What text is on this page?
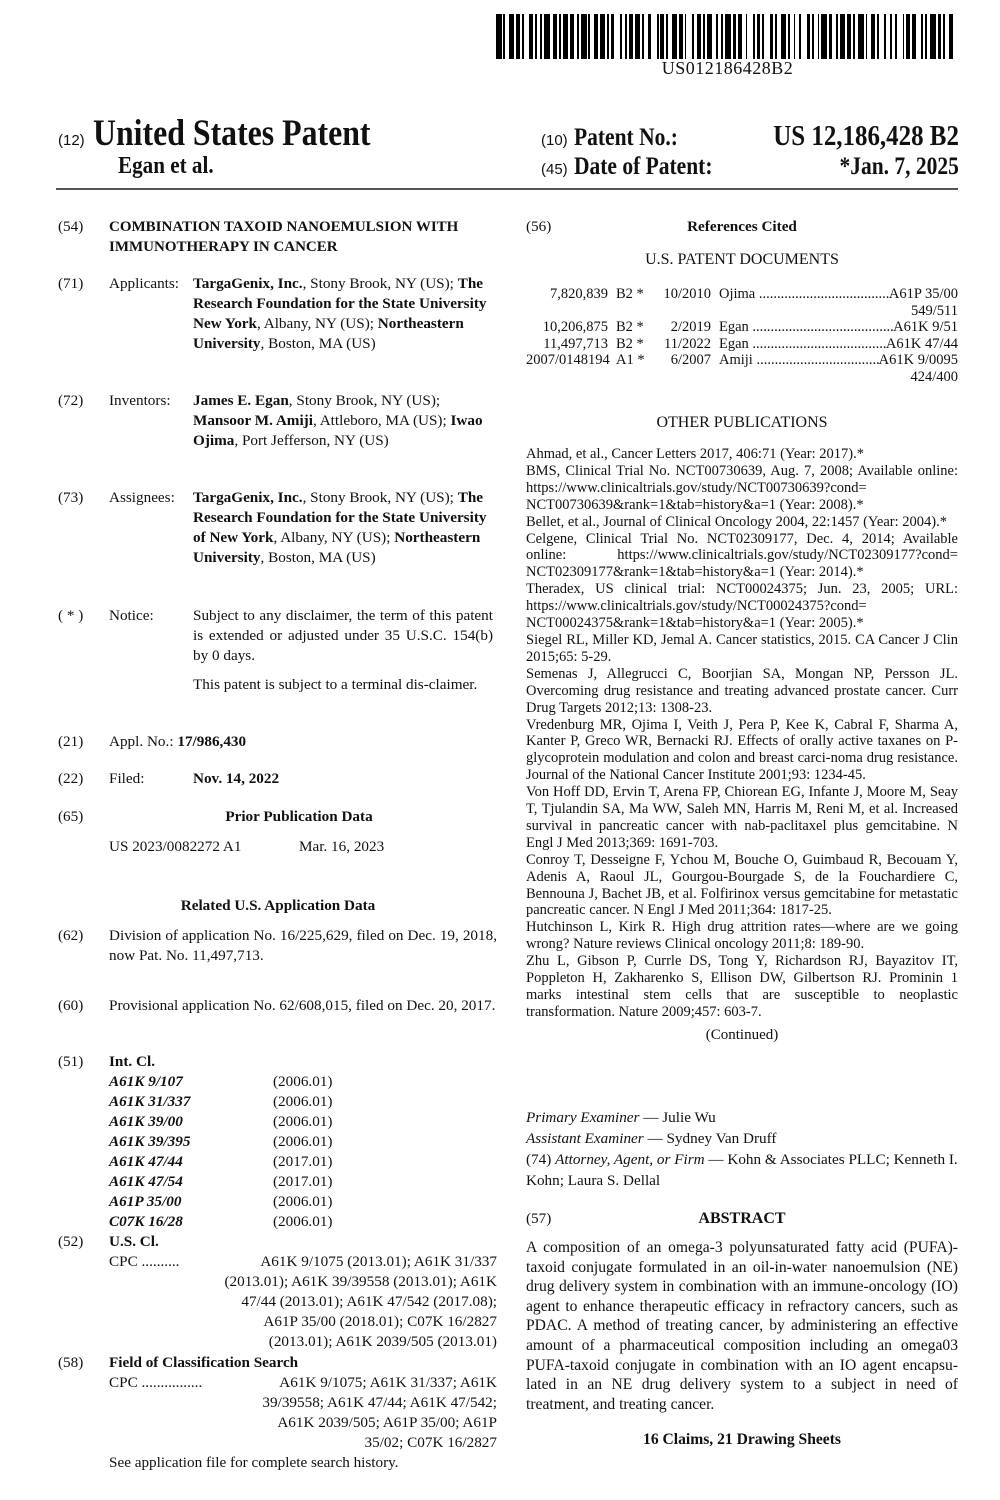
US012186428B2
(12) United States Patent
Egan et al.
(10) Patent No.:	US 12,186,428 B2
(45) Date of Patent:	*Jan. 7, 2025
(54) COMBINATION TAXOID NANOEMULSION WITH IMMUNOTHERAPY IN CANCER
(71) Applicants: TargaGenix, Inc., Stony Brook, NY (US); The Research Foundation for the State University New York, Albany, NY (US); Northeastern University, Boston, MA (US)
(72) Inventors:	James E. Egan, Stony Brook, NY (US); Mansoor M. Amiji, Attleboro, MA (US); Iwao Ojima, Port Jefferson, NY (US)
(73) Assignees:	TargaGenix, Inc., Stony Brook, NY (US); The Research Foundation for the State University of New York, Albany, NY (US); Northeastern University, Boston, MA (US)
( * ) Notice:	Subject to any disclaimer, the term of this patent is extended or adjusted under 35 U.S.C. 154(b) by 0 days.
This patent is subject to a terminal dis-claimer.
(21) Appl. No.: 17/986,430
(22) Filed:	Nov. 14, 2022
(65)	Prior Publication Data
US 2023/0082272 A1	Mar. 16, 2023
Related U.S. Application Data
(62) Division of application No. 16/225,629, filed on Dec. 19, 2018, now Pat. No. 11,497,713.
(60) Provisional application No. 62/608,015, filed on Dec. 20, 2017.
(51) Int. Cl.
A61K 9/107	(2006.01)
A61K 31/337	(2006.01)
A61K 39/00	(2006.01)
A61K 39/395	(2006.01)
A61K 47/44	(2017.01)
A61K 47/54	(2017.01)
A61P 35/00	(2006.01)
C07K 16/28	(2006.01)
(52) U.S. Cl.
CPC ..........	A61K 9/1075 (2013.01); A61K 31/337
(2013.01); A61K 39/39558 (2013.01); A61K
47/44 (2013.01); A61K 47/542 (2017.08);
A61P 35/00 (2018.01); C07K 16/2827
(2013.01); A61K 2039/505 (2013.01)
(58) Field of Classification Search
CPC ................	A61K 9/1075; A61K 31/337; A61K
39/39558; A61K 47/44; A61K 47/542;
A61K 2039/505; A61P 35/00; A61P
35/02; C07K 16/2827
See application file for complete search history.
(56)	References Cited
U.S. PATENT DOCUMENTS
7,820,839 B2 *	10/2010 Ojima .....	A61P 35/00
549/511
10,206,875 B2 *	2/2019 Egan .....	A61K 9/51
11,497,713 B2 *	11/2022 Egan .....	A61K 47/44
2007/0148194 A1 *	6/2007 Amiji .....	A61K 9/0095
424/400
OTHER PUBLICATIONS
Ahmad, et al., Cancer Letters 2017, 406:71 (Year: 2017).*
BMS, Clinical Trial No. NCT00730639, Aug. 7, 2008; Available online: https://www.clinicaltrials.gov/study/NCT00730639?cond= NCT00730639&rank=1&tab=history&a=1 (Year: 2008).*
Bellet, et al., Journal of Clinical Oncology 2004, 22:1457 (Year: 2004).*
Celgene, Clinical Trial No. NCT02309177, Dec. 4, 2014; Available online: https://www.clinicaltrials.gov/study/NCT02309177?cond= NCT02309177&rank=1&tab=history&a=1 (Year: 2014).*
Theradex, US clinical trial: NCT00024375; Jun. 23, 2005; URL: https://www.clinicaltrials.gov/study/NCT00024375?cond= NCT00024375&rank=1&tab=history&a=1 (Year: 2005).*
Siegel RL, Miller KD, Jemal A. Cancer statistics, 2015. CA Cancer J Clin 2015;65: 5-29.
Semenas J, Allegrucci C, Boorjian SA, Mongan NP, Persson JL. Overcoming drug resistance and treating advanced prostate cancer. Curr Drug Targets 2012;13: 1308-23.
Vredenburg MR, Ojima I, Veith J, Pera P, Kee K, Cabral F, Sharma A, Kanter P, Greco WR, Bernacki RJ. Effects of orally active taxanes on P-glycoprotein modulation and colon and breast carci-noma drug resistance. Journal of the National Cancer Institute 2001;93: 1234-45.
Von Hoff DD, Ervin T, Arena FP, Chiorean EG, Infante J, Moore M, Seay T, Tjulandin SA, Ma WW, Saleh MN, Harris M, Reni M, et al. Increased survival in pancreatic cancer with nab-paclitaxel plus gemcitabine. N Engl J Med 2013;369: 1691-703.
Conroy T, Desseigne F, Ychou M, Bouche O, Guimbaud R, Becouam Y, Adenis A, Raoul JL, Gourgou-Bourgade S, de la Fouchardiere C, Bennouna J, Bachet JB, et al. Folfirinox versus gemcitabine for metastatic pancreatic cancer. N Engl J Med 2011;364: 1817-25.
Hutchinson L, Kirk R. High drug attrition rates—where are we going wrong? Nature reviews Clinical oncology 2011;8: 189-90.
Zhu L, Gibson P, Currle DS, Tong Y, Richardson RJ, Bayazitov IT, Poppleton H, Zakharenko S, Ellison DW, Gilbertson RJ. Prominin 1 marks intestinal stem cells that are susceptible to neoplastic transformation. Nature 2009;457: 603-7.
(Continued)
Primary Examiner — Julie Wu
Assistant Examiner — Sydney Van Druff
(74) Attorney, Agent, or Firm — Kohn & Associates PLLC; Kenneth I. Kohn; Laura S. Dellal
(57)	ABSTRACT
A composition of an omega-3 polyunsaturated fatty acid (PUFA)-taxoid conjugate formulated in an oil-in-water nanoemulsion (NE) drug delivery system in combination with an immune-oncology (IO) agent to enhance therapeutic efficacy in refractory cancers, such as PDAC. A method of treating cancer, by administering an effective amount of a pharmaceutical composition including an omega03 PUFA-taxoid conjugate in combination with an IO agent encapsu-lated in an NE drug delivery system to a subject in need of treatment, and treating cancer.
16 Claims, 21 Drawing Sheets
